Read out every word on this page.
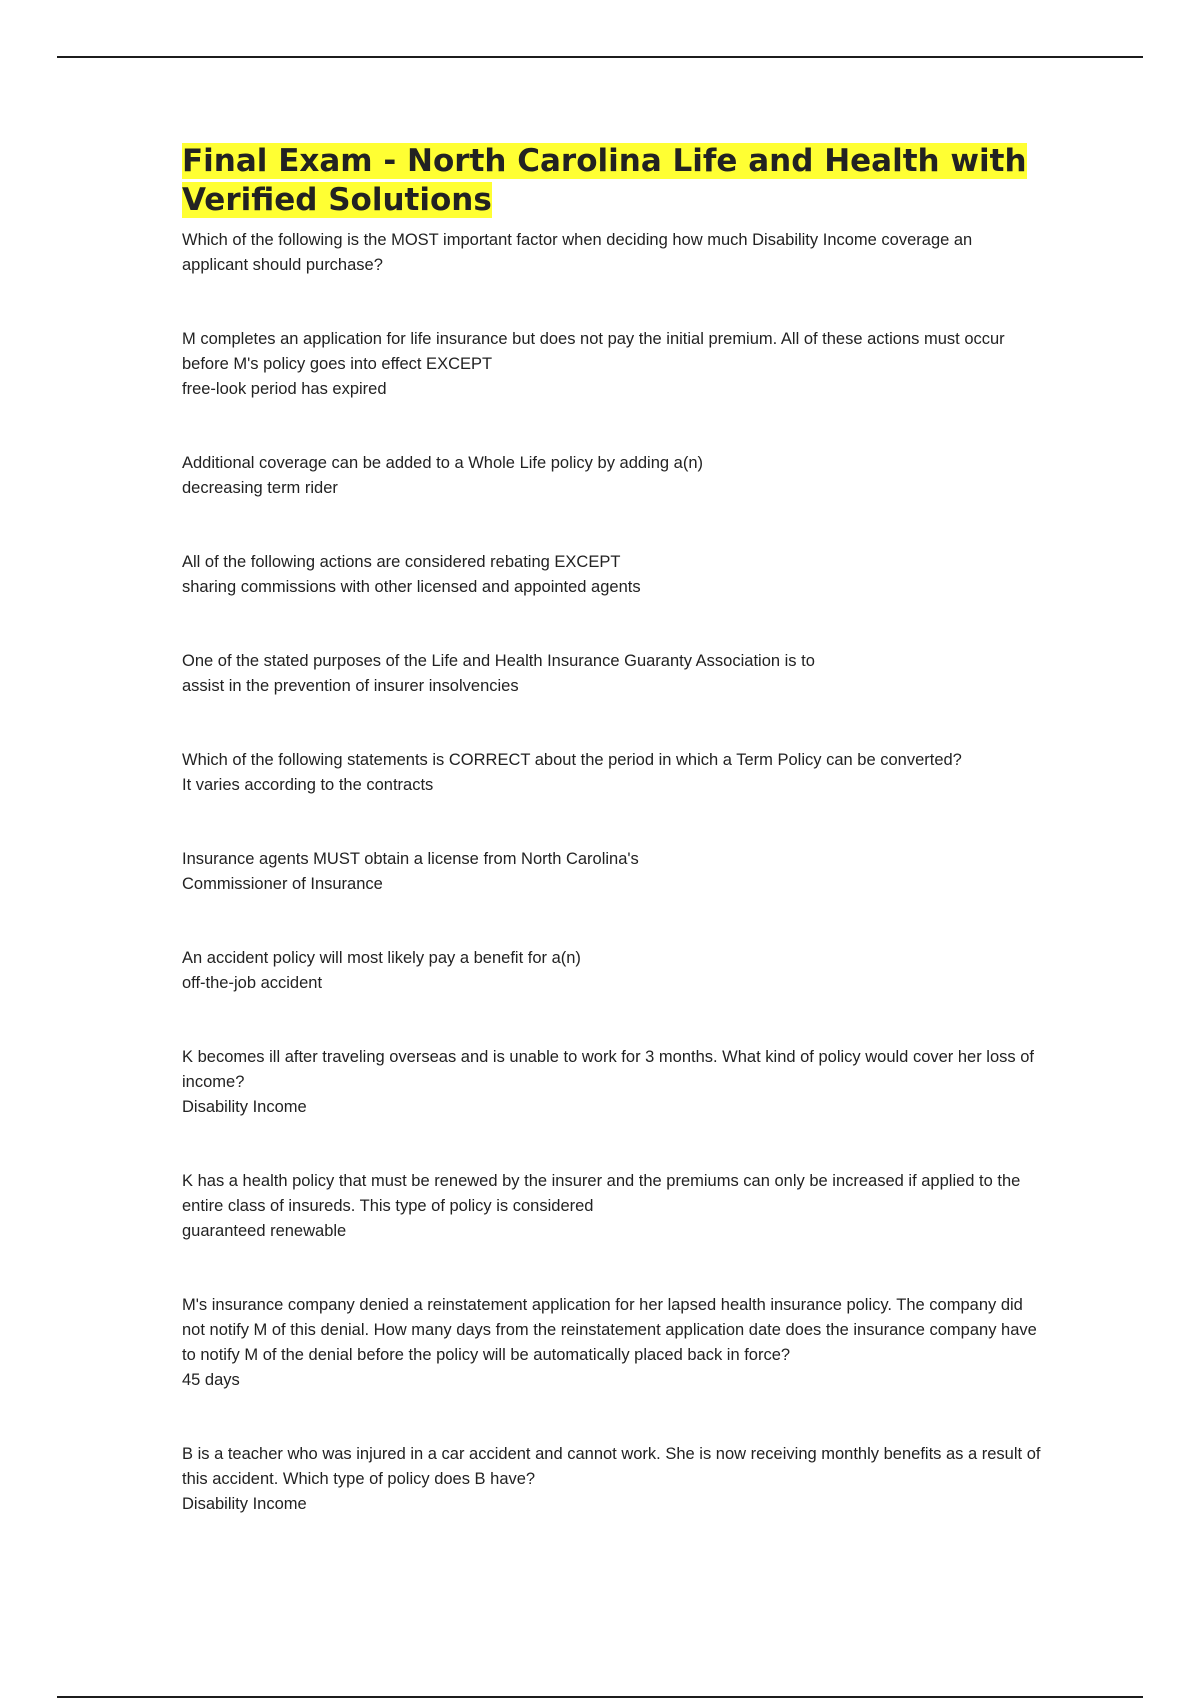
Final Exam - North Carolina Life and Health with Verified Solutions

Which of the following is the MOST important factor when deciding how much Disability Income coverage an applicant should purchase?

M completes an application for life insurance but does not pay the initial premium. All of these actions must occur before M's policy goes into effect EXCEPT

free-look period has expired

Additional coverage can be added to a Whole Life policy by adding a(n)

decreasing term rider

All of the following actions are considered rebating EXCEPT

sharing commissions with other licensed and appointed agents

One of the stated purposes of the Life and Health Insurance Guaranty Association is to

assist in the prevention of insurer insolvencies

Which of the following statements is CORRECT about the period in which a Term Policy can be converted?

It varies according to the contracts

Insurance agents MUST obtain a license from North Carolina's

Commissioner of Insurance

An accident policy will most likely pay a benefit for a(n)

off-the-job accident

K becomes ill after traveling overseas and is unable to work for 3 months. What kind of policy would cover her loss of income?

Disability Income

K has a health policy that must be renewed by the insurer and the premiums can only be increased if applied to the entire class of insureds. This type of policy is considered

guaranteed renewable

M's insurance company denied a reinstatement application for her lapsed health insurance policy. The company did not notify M of this denial. How many days from the reinstatement application date does the insurance company have to notify M of the denial before the policy will be automatically placed back in force?

45 days

B is a teacher who was injured in a car accident and cannot work. She is now receiving monthly benefits as a result of this accident. Which type of policy does B have?

Disability Income
